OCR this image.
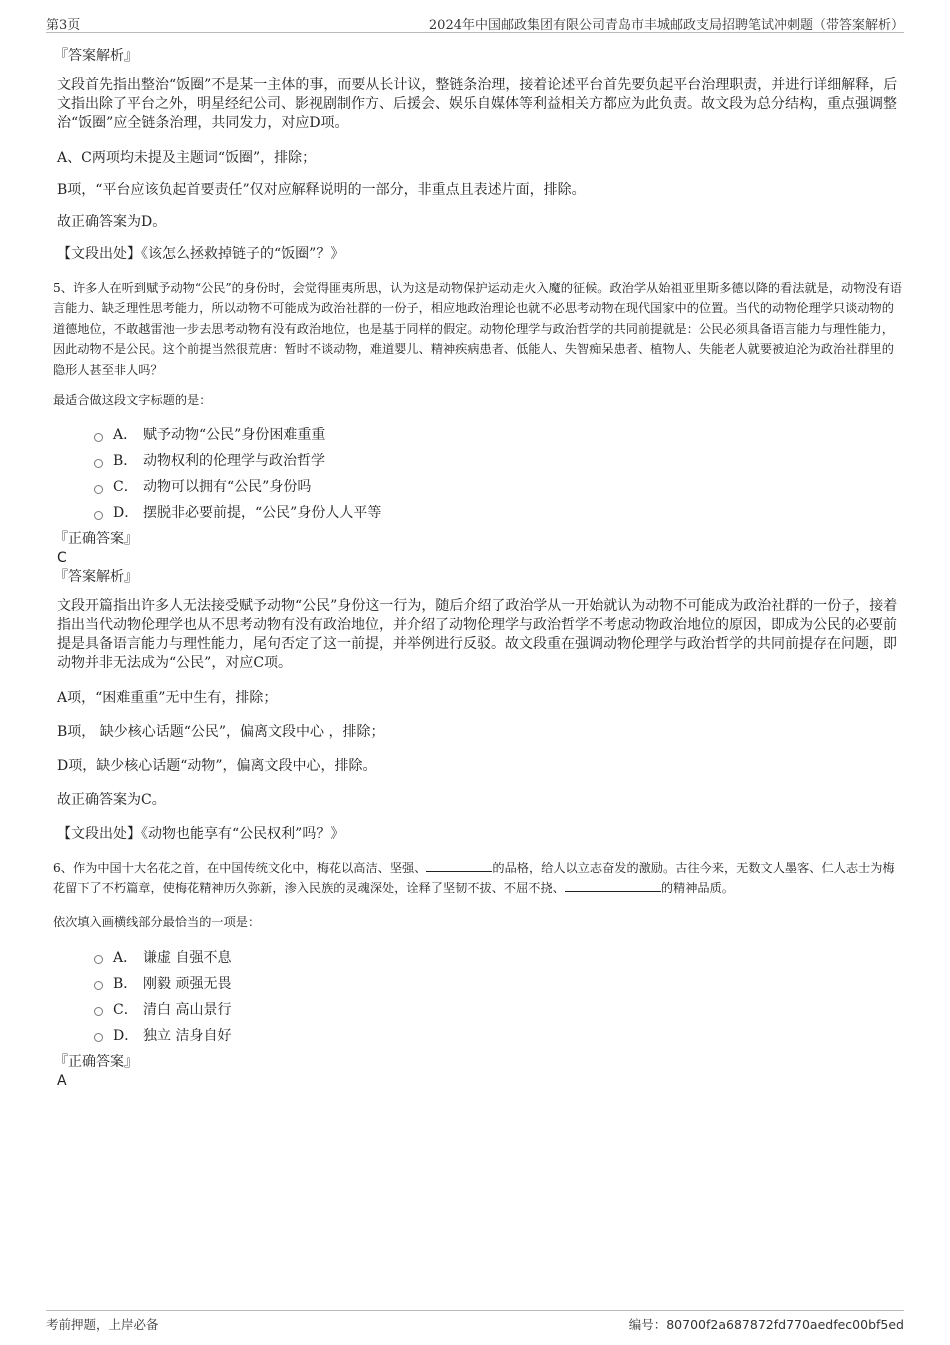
第3页	2024年中国邮政集团有限公司青岛市丰城邮政支局招聘笔试冲刺题（带答案解析）
『答案解析』

文段首先指出整治“饭圈”不是某一主体的事，而要从长计议，整链条治理，接着论述平台首先要负起平台治理职责，并进行详细解释，后文指出除了平台之外，明星经纪公司、影视剧制作方、后援会、娱乐自媒体等利益相关方都应为此负责。故文段为总分结构，重点强调整治“饭圈”应全链条治理，共同发力，对应D项。

A、C两项均未提及主题词“饭圈”，排除；
B项，“平台应该负起首要责任”仅对应解释说明的一部分，非重点且表述片面，排除。
故正确答案为D。
【文段出处】《该怎么拯救掉链子的“饭圈”？》

5、许多人在听到赋予动物“公民”的身份时，会觉得匪夷所思，认为这是动物保护运动走火入魔的征候。政治学从始祖亚里斯多德以降的看法就是，动物没有语言能力、缺乏理性思考能力，所以动物不可能成为政治社群的一份子，相应地政治理论也就不必思考动物在现代国家中的位置。当代的动物伦理学只谈动物的道德地位，不敢越雷池一步去思考动物有没有政治地位，也是基于同样的假定。动物伦理学与政治哲学的共同前提就是：公民必须具备语言能力与理性能力，因此动物不是公民。这个前提当然很荒唐：暂时不谈动物，难道婴儿、精神疾病患者、低能人、失智痴呆患者、植物人、失能老人就要被迫沦为政治社群里的隐形人甚至非人吗？

最适合做这段文字标题的是：
A． 赋予动物“公民”身份困难重重
B． 动物权利的伦理学与政治哲学
C． 动物可以拥有“公民”身份吗
D． 摆脱非必要前提，“公民”身份人人平等
『正确答案』
C
『答案解析』

文段开篇指出许多人无法接受赋予动物“公民”身份这一行为，随后介绍了政治学从一开始就认为动物不可能成为政治社群的一份子，接着指出当代动物伦理学也从不思考动物有没有政治地位，并介绍了动物伦理学与政治哲学不考虑动物政治地位的原因，即成为公民的必要前提是具备语言能力与理性能力，尾句否定了这一前提，并举例进行反驳。故文段重在强调动物伦理学与政治哲学的共同前提存在问题，即动物并非无法成为“公民”，对应C项。

A项，“困难重重”无中生有，排除；
B项， 缺少核心话题“公民”，偏离文段中心 ，排除；
D项，缺少核心话题“动物”，偏离文段中心，排除。
故正确答案为C。
【文段出处】《动物也能享有“公民权利”吗？》

6、作为中国十大名花之首，在中国传统文化中，梅花以高洁、坚强、	的品格，给人以立志奋发的激励。古往今来，无数文人墨客、仁人志士为梅花留下了不朽篇章，使梅花精神历久弥新，渗入民族的灵魂深处，诠释了坚韧不拔、不屈不挠、	的精神品质。

依次填入画横线部分最恰当的一项是：
A． 谦虚 自强不息
B． 刚毅 顽强无畏
C． 清白 高山景行
D． 独立 洁身自好
『正确答案』
A
考前押题，上岸必备	编号：80700f2a687872fd770aedfec00bf5ed
